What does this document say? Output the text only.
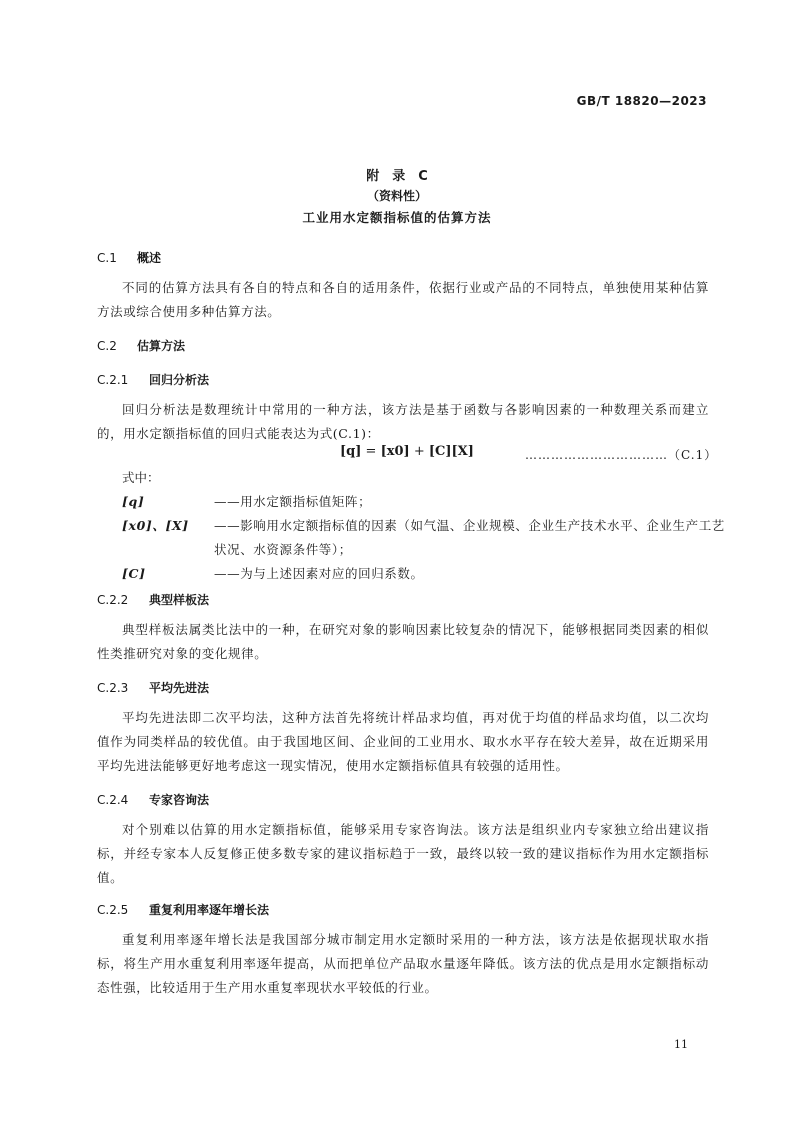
GB/T 18820—2023
附　录　C
（资料性）
工业用水定额指标值的估算方法
C.1 概述
不同的估算方法具有各自的特点和各自的适用条件，依据行业或产品的不同特点，单独使用某种估算方法或综合使用多种估算方法。
C.2 估算方法
C.2.1 回归分析法
回归分析法是数理统计中常用的一种方法，该方法是基于函数与各影响因素的一种数理关系而建立的，用水定额指标值的回归式能表达为式(C.1)：
[q] = [x0] + [C][X]	……………………………（C.1）
式中：
[q]	——用水定额指标值矩阵；
[x0]、[X] ——影响用水定额指标值的因素（如气温、企业规模、企业生产技术水平、企业生产工艺
状况、水资源条件等）；
[C]	——为与上述因素对应的回归系数。
C.2.2 典型样板法
典型样板法属类比法中的一种，在研究对象的影响因素比较复杂的情况下，能够根据同类因素的相似性类推研究对象的变化规律。
C.2.3 平均先进法
平均先进法即二次平均法，这种方法首先将统计样品求均值，再对优于均值的样品求均值，以二次均值作为同类样品的较优值。由于我国地区间、企业间的工业用水、取水水平存在较大差异，故在近期采用平均先进法能够更好地考虑这一现实情况，使用水定额指标值具有较强的适用性。
C.2.4 专家咨询法
对个别难以估算的用水定额指标值，能够采用专家咨询法。该方法是组织业内专家独立给出建议指标，并经专家本人反复修正使多数专家的建议指标趋于一致，最终以较一致的建议指标作为用水定额指标值。
C.2.5 重复利用率逐年增长法
重复利用率逐年增长法是我国部分城市制定用水定额时采用的一种方法，该方法是依据现状取水指标，将生产用水重复利用率逐年提高，从而把单位产品取水量逐年降低。该方法的优点是用水定额指标动态性强，比较适用于生产用水重复率现状水平较低的行业。
11
